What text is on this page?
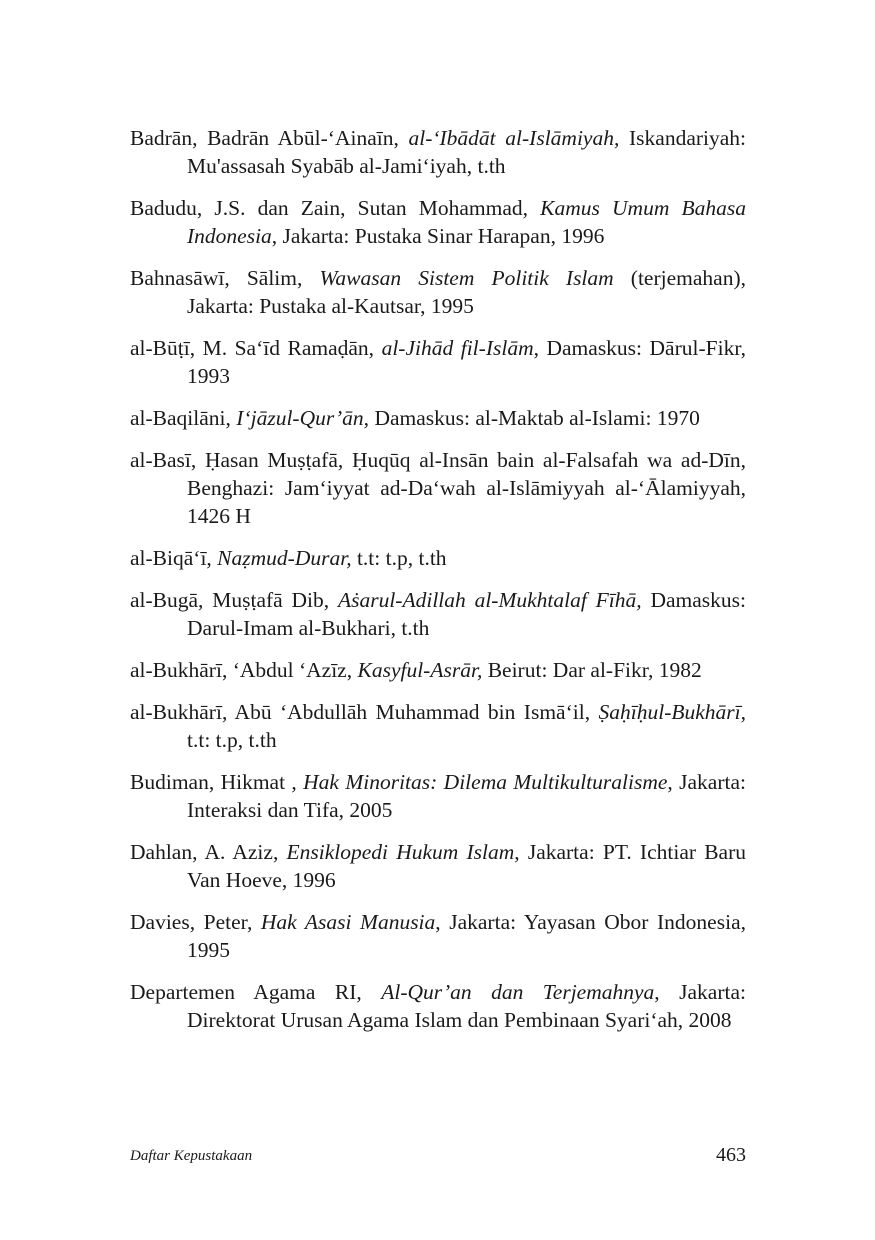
Badrān, Badrān Abūl-‘Ainaīn, al-‘Ibādāt al-Islāmiyah, Iskandariyah: Mu'assasah Syabāb al-Jami‘iyah, t.th

Badudu, J.S. dan Zain, Sutan Mohammad, Kamus Umum Bahasa Indonesia, Jakarta: Pustaka Sinar Harapan, 1996

Bahnasāwī, Sālim, Wawasan Sistem Politik Islam (terjemahan), Jakarta: Pustaka al-Kautsar, 1995

al-Būṭī, M. Sa‘īd Ramaḍān, al-Jihād fil-Islām, Damaskus: Dārul-Fikr, 1993

al-Baqilāni, I‘jāzul-Qur’ān, Damaskus: al-Maktab al-Islami: 1970

al-Basī, Ḥasan Muṣṭafā, Ḥuqūq al-Insān bain al-Falsafah wa ad-Dīn, Benghazi: Jam‘iyyat ad-Da‘wah al-Islāmiyyah al-‘Ālamiyyah, 1426 H

al-Biqā‘ī, Naẓmud-Durar, t.t: t.p, t.th

al-Bugā, Muṣṭafā Dib, Aṡarul-Adillah al-Mukhtalaf Fīhā, Damaskus: Darul-Imam al-Bukhari, t.th

al-Bukhārī, ‘Abdul ‘Azīz, Kasyful-Asrār, Beirut: Dar al-Fikr, 1982

al-Bukhārī, Abū ‘Abdullāh Muhammad bin Ismā‘il, Ṣaḥīḥul-Bukhārī, t.t: t.p, t.th

Budiman, Hikmat , Hak Minoritas: Dilema Multikulturalisme, Jakarta: Interaksi dan Tifa, 2005

Dahlan, A. Aziz, Ensiklopedi Hukum Islam, Jakarta: PT. Ichtiar Baru Van Hoeve, 1996

Davies, Peter, Hak Asasi Manusia, Jakarta: Yayasan Obor Indonesia, 1995

Departemen Agama RI, Al-Qur’an dan Terjemahnya, Jakarta: Direktorat Urusan Agama Islam dan Pembinaan Syari‘ah, 2008

Daftar Kepustakaan	463
